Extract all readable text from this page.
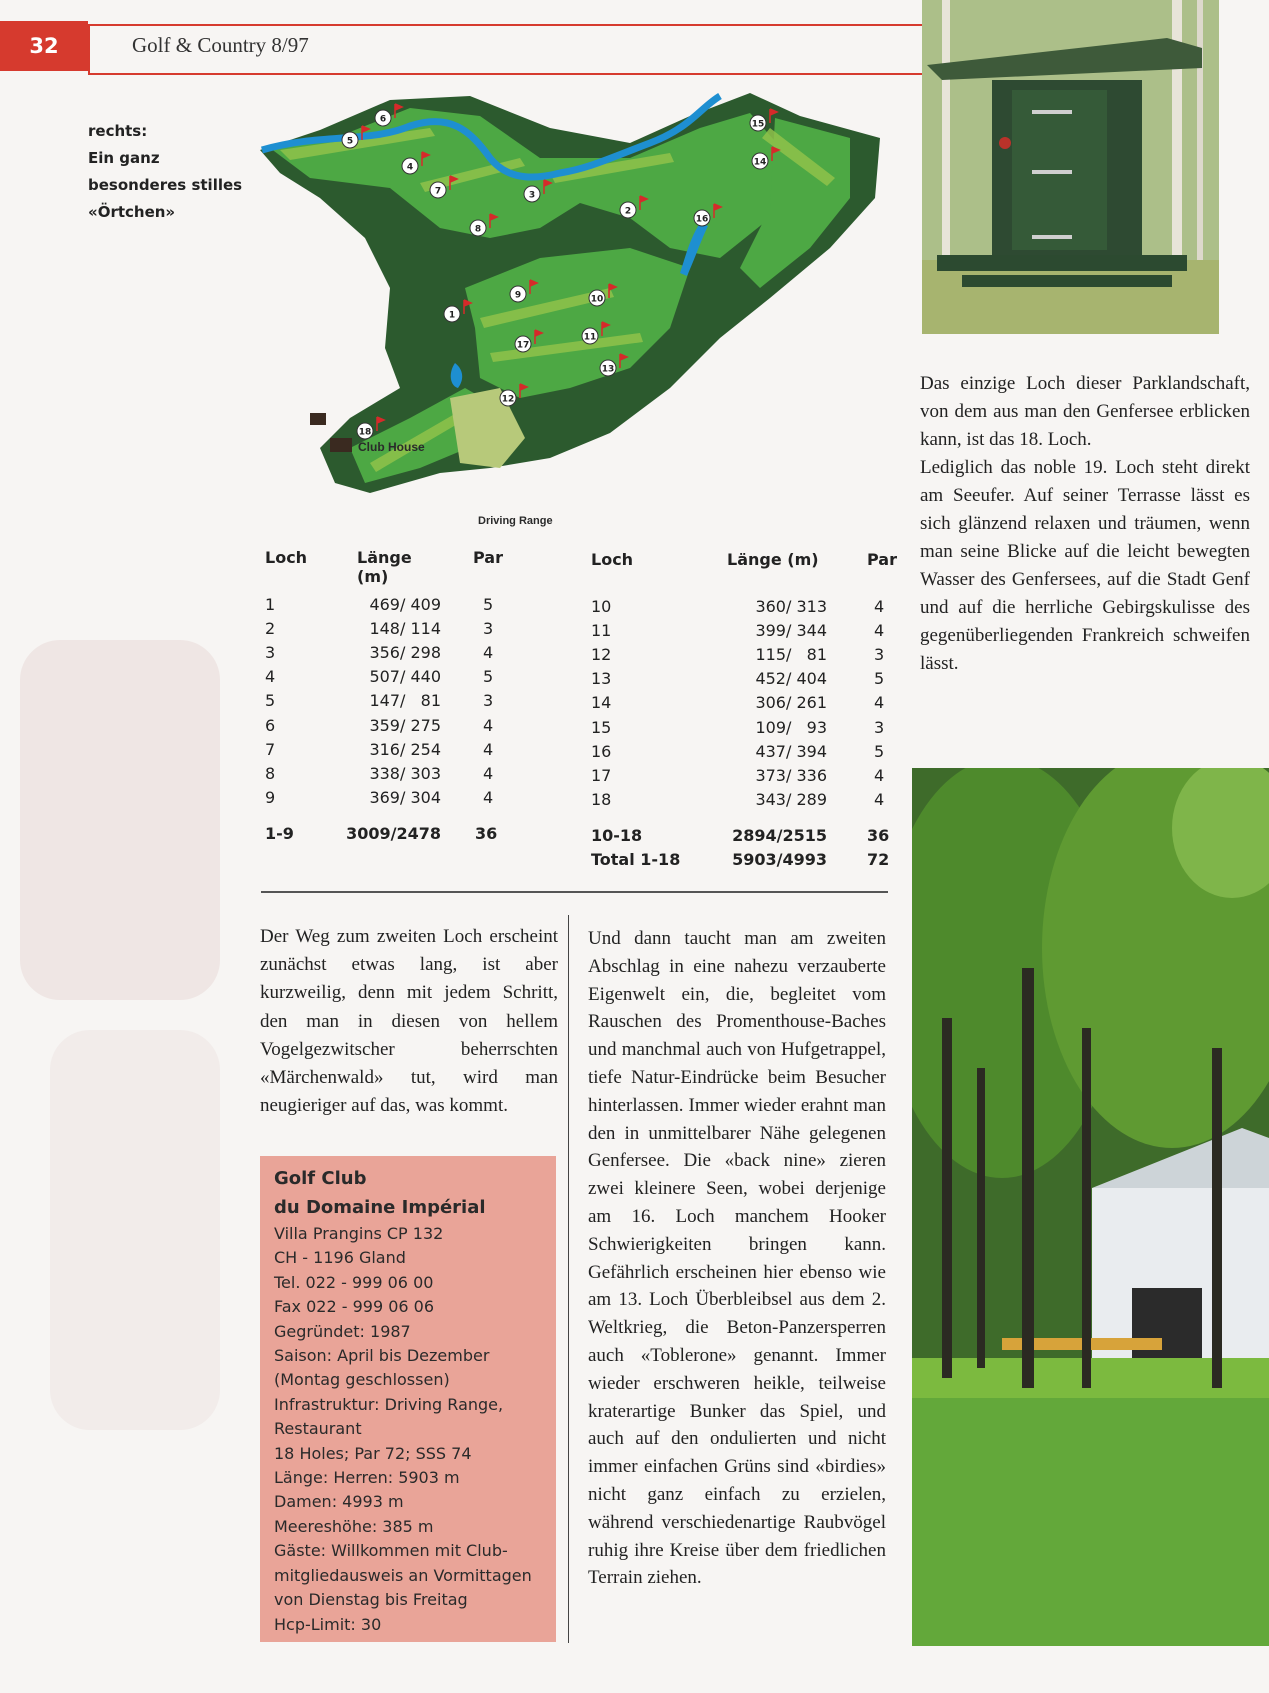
32	Golf & Country 8/97
rechts:
Ein ganz
besonderes stilles
«Örtchen»
Club House
Driving Range
1
2
3
4
5
6
7
8
9	10
11
12
13
14
15
16
17
18

Das einzige Loch dieser Parklandschaft, von dem aus man den Genfersee erblicken kann, ist das 18. Loch.

Lediglich das noble 19. Loch steht direkt am Seeufer. Auf seiner Terrasse lässt es sich glänzend relaxen und träumen, wenn man seine Blicke auf die leicht bewegten Wasser des Genfersees, auf die Stadt Genf und auf die herrliche Gebirgskulisse des gegenüberliegenden Frankreich schweifen lässt.

Loch	Länge (m)	Par
1	469/ 409	5
2	148/ 114	3
3	356/ 298	4
4	507/ 440	5
5	147/   81	3
6	359/ 275	4
7	316/ 254	4
8	338/ 303	4
9	369/ 304	4

1-9	3009/2478	36
Loch	Länge (m)	Par
10	360/ 313	4
11	399/ 344	4
12	115/   81	3
13	452/ 404	5
14	306/ 261	4
15	109/   93	3
16	437/ 394	5
17	373/ 336	4
18	343/ 289	4

10-18	2894/2515	36
Total 1-18	5903/4993	72
Der Weg zum zweiten Loch erscheint zunächst etwas lang, ist aber kurzweilig, denn mit jedem Schritt, den man in diesen von hellem Vogelgezwitscher beherrschten «Märchenwald» tut, wird man neugieriger auf das, was kommt.
Und dann taucht man am zweiten Abschlag in eine nahezu verzauberte Eigenwelt ein, die, begleitet vom Rauschen des Promenthouse-Baches und manchmal auch von Hufgetrappel, tiefe Natur-Eindrücke beim Besucher hinterlassen. Immer wieder erahnt man den in unmittelbarer Nähe gelegenen Genfersee. Die «back nine» zieren zwei kleinere Seen, wobei derjenige am 16. Loch manchem Hooker Schwierigkeiten bringen kann. Gefährlich erscheinen hier ebenso wie am 13. Loch Überbleibsel aus dem 2. Weltkrieg, die Beton-Panzersperren auch «Toblerone» genannt. Immer wieder erschweren heikle, teilweise kraterartige Bunker das Spiel, und auch auf den ondulierten und nicht immer einfachen Grüns sind «birdies» nicht ganz einfach zu erzielen, während verschiedenartige Raubvögel ruhig ihre Kreise über dem friedlichen Terrain ziehen.
Golf Club
du Domaine Impérial
Villa Prangins CP 132
CH - 1196 Gland
Tel. 022 - 999 06 00
Fax 022 - 999 06 06
Gegründet: 1987
Saison: April bis Dezember
(Montag geschlossen)
Infrastruktur: Driving Range,
Restaurant
18 Holes; Par 72; SSS 74
Länge: Herren: 5903 m
Damen: 4993 m
Meereshöhe: 385 m
Gäste: Willkommen mit Club-
mitgliedausweis an Vormittagen
von Dienstag bis Freitag
Hcp-Limit: 30
